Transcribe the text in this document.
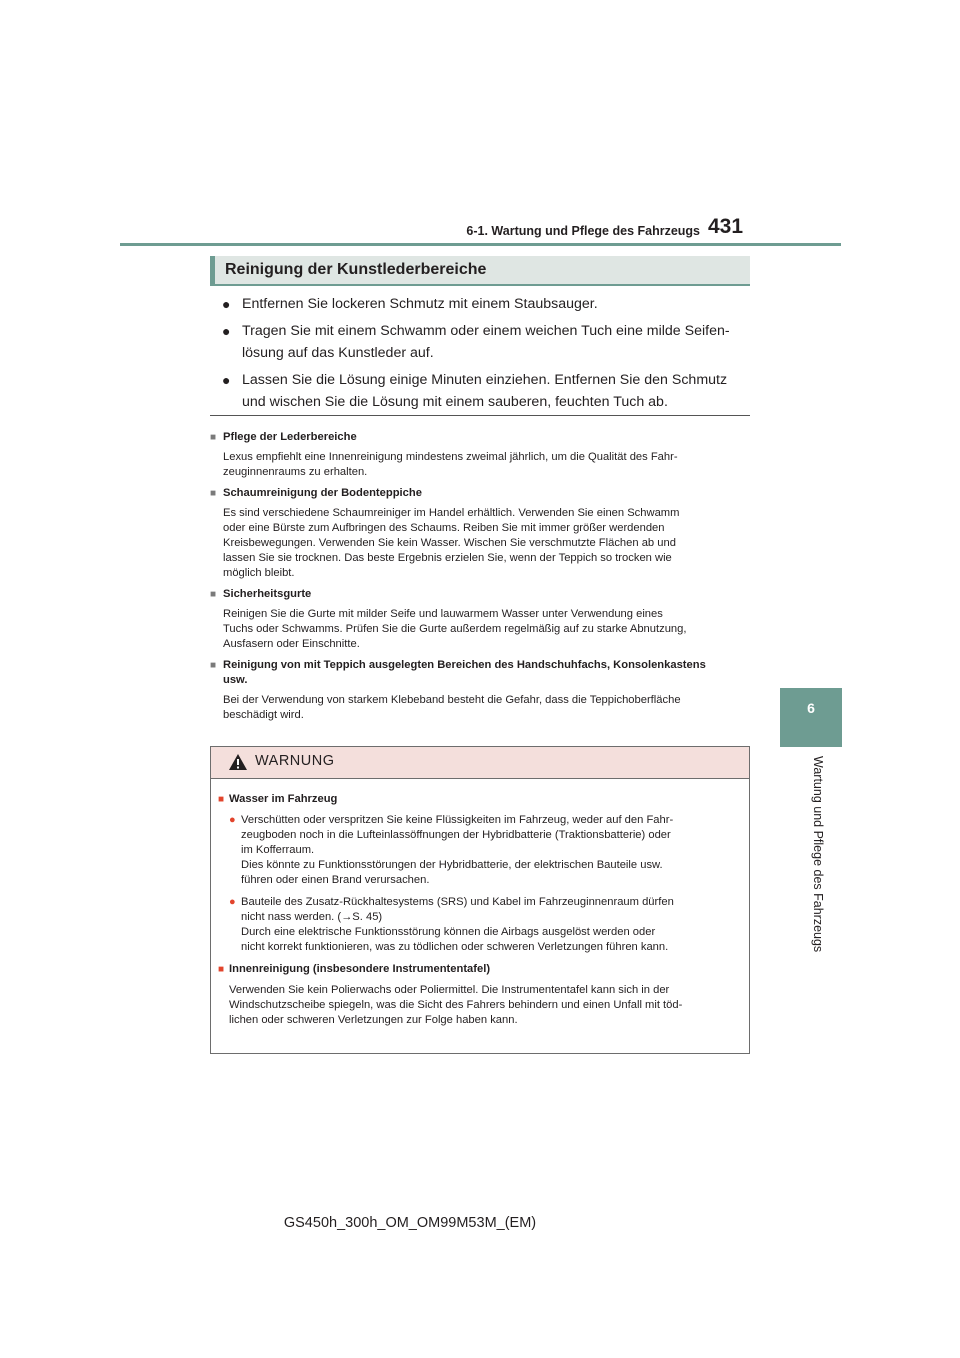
6-1. Wartung und Pflege des Fahrzeugs 431
6
Wartung und Pflege des Fahrzeugs
Reinigung der Kunstlederbereiche
● Entfernen Sie lockeren Schmutz mit einem Staubsauger.
● Tragen Sie mit einem Schwamm oder einem weichen Tuch eine milde Seifen-
lösung auf das Kunstleder auf.
● Lassen Sie die Lösung einige Minuten einziehen. Entfernen Sie den Schmutz
und wischen Sie die Lösung mit einem sauberen, feuchten Tuch ab.
■ Pflege der Lederbereiche
Lexus empfiehlt eine Innenreinigung mindestens zweimal jährlich, um die Qualität des Fahr-
zeuginnenraums zu erhalten.
■ Schaumreinigung der Bodenteppiche
Es sind verschiedene Schaumreiniger im Handel erhältlich. Verwenden Sie einen Schwamm
oder eine Bürste zum Aufbringen des Schaums. Reiben Sie mit immer größer werdenden
Kreisbewegungen. Verwenden Sie kein Wasser. Wischen Sie verschmutzte Flächen ab und
lassen Sie sie trocknen. Das beste Ergebnis erzielen Sie, wenn der Teppich so trocken wie
möglich bleibt.
■ Sicherheitsgurte
Reinigen Sie die Gurte mit milder Seife und lauwarmem Wasser unter Verwendung eines
Tuchs oder Schwamms. Prüfen Sie die Gurte außerdem regelmäßig auf zu starke Abnutzung,
Ausfasern oder Einschnitte.
■ Reinigung von mit Teppich ausgelegten Bereichen des Handschuhfachs, Konsolenkastens
usw.
Bei der Verwendung von starkem Klebeband besteht die Gefahr, dass die Teppichoberfläche
beschädigt wird.
WARNUNG
■ Wasser im Fahrzeug
● Verschütten oder verspritzen Sie keine Flüssigkeiten im Fahrzeug, weder auf den Fahr-
zeugboden noch in die Lufteinlassöffnungen der Hybridbatterie (Traktionsbatterie) oder
im Kofferraum.
Dies könnte zu Funktionsstörungen der Hybridbatterie, der elektrischen Bauteile usw.
führen oder einen Brand verursachen.
● Bauteile des Zusatz-Rückhaltesystems (SRS) und Kabel im Fahrzeuginnenraum dürfen
nicht nass werden. (→S. 45)
Durch eine elektrische Funktionsstörung können die Airbags ausgelöst werden oder
nicht korrekt funktionieren, was zu tödlichen oder schweren Verletzungen führen kann.
■ Innenreinigung (insbesondere Instrumententafel)
Verwenden Sie kein Polierwachs oder Poliermittel. Die Instrumententafel kann sich in der
Windschutzscheibe spiegeln, was die Sicht des Fahrers behindern und einen Unfall mit töd-
lichen oder schweren Verletzungen zur Folge haben kann.
GS450h_300h_OM_OM99M53M_(EM)
